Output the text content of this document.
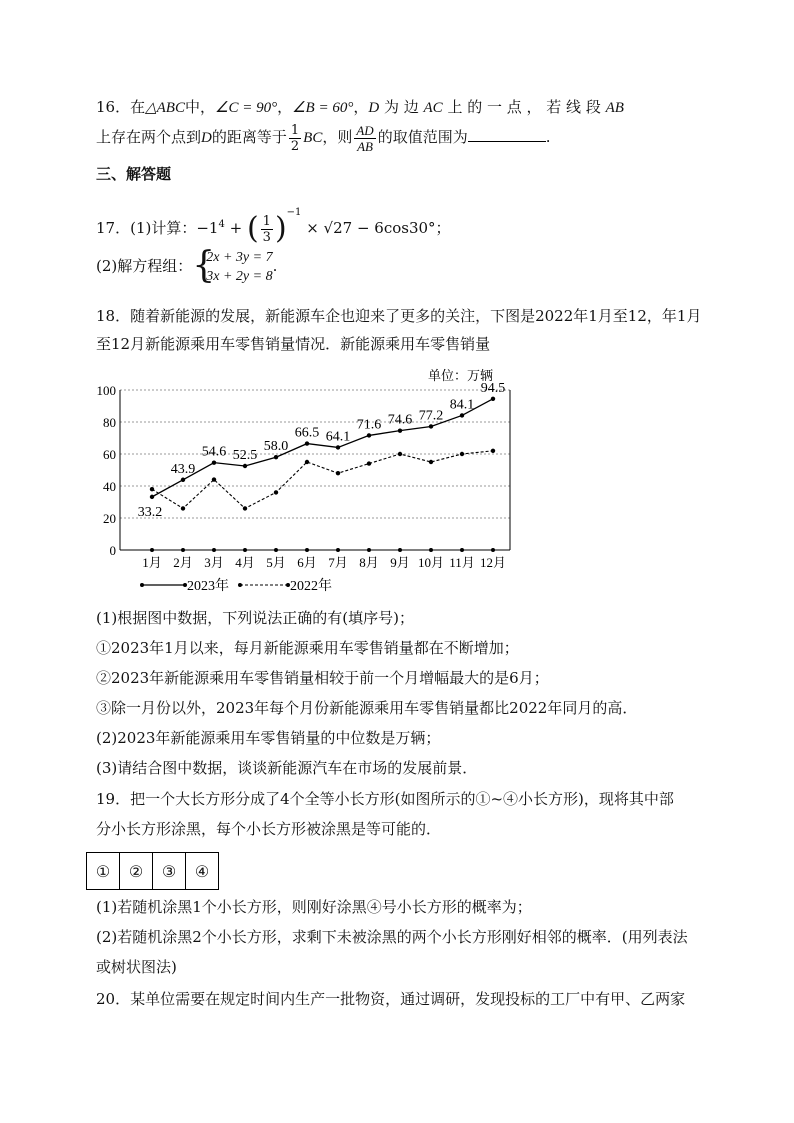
16．在△ABC中，∠C = 90°，∠B = 60°，D 为 边 AC 上 的 一 点 ， 若 线 段 AB
上存在两个点到D的距离等于 $\frac{1}{2}$ BC，则 $\frac{AD}{AB}$ 的取值范围为	.
三、解答题
17．(1)计算：$-1^4$ + ( $\frac{1}{3} )^{-1} \times √27 - 6\cos 30^\circ$；
(2)解方程组： {
2x + 3y = 7
3x + 2y = 8
.
18．随着新能源的发展，新能源车企也迎来了更多的关注，下图是2022年1月至12，年1月
至12月新能源乘用车零售销量情况．新能源乘用车零售销量
单位：万辆
0
20
40
60
80
100
1月 2月 3月 4月 5月 6月 7月 8月 9月 10月 11月 12月
33.2
43.9
54.6 52.5
58.0
66.5 64.1
71.6 74.6 77.2
84.1
94.5
2023年	2022年
(1)根据图中数据，下列说法正确的有(填序号)；
①2023年1月以来，每月新能源乘用车零售销量都在不断增加；
②2023年新能源乘用车零售销量相较于前一个月增幅最大的是6月；
③除一月份以外，2023年每个月份新能源乘用车零售销量都比2022年同月的高．
(2)2023年新能源乘用车零售销量的中位数是万辆；
(3)请结合图中数据，谈谈新能源汽车在市场的发展前景．
19．把一个大长方形分成了4个全等小长方形(如图所示的①~④小长方形)，现将其中部
分小长方形涂黑，每个小长方形被涂黑是等可能的．
①	②	③	④
(1)若随机涂黑1个小长方形，则刚好涂黑④号小长方形的概率为；
(2)若随机涂黑2个小长方形，求剩下未被涂黑的两个小长方形刚好相邻的概率．(用列表法
或树状图法)
20．某单位需要在规定时间内生产一批物资，通过调研，发现投标的工厂中有甲、乙两家
